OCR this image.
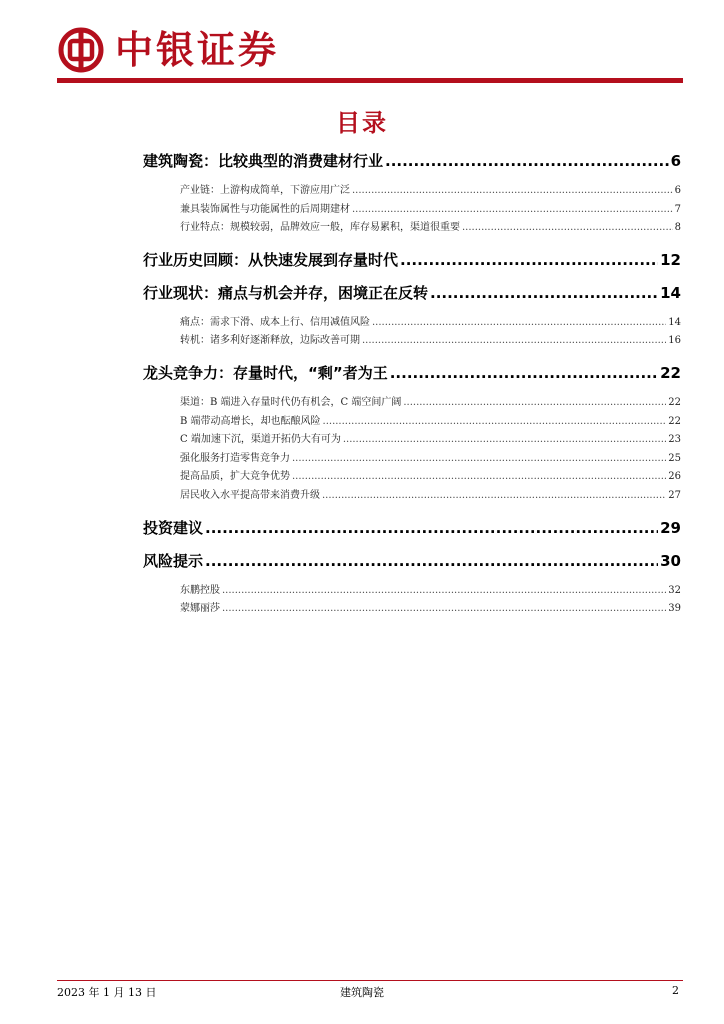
中银证券
目录
建筑陶瓷：比较典型的消费建材行业 .....	6
产业链：上游构成简单，下游应用广泛 .....	6
兼具装饰属性与功能属性的后周期建材 .....	7
行业特点：规模较弱，品牌效应一般，库存易累积，渠道很重要 .....	8
行业历史回顾：从快速发展到存量时代 .....	12
行业现状：痛点与机会并存，困境正在反转 .....	14
痛点：需求下滑、成本上行、信用减值风险 .....	14
转机：诸多利好逐渐释放，边际改善可期 .....	16
龙头竞争力：存量时代，“剩”者为王 .....	22
渠道：B 端进入存量时代仍有机会，C 端空间广阔 .....	22
B 端带动高增长，却也酝酿风险 .....	22
C 端加速下沉，渠道开拓仍大有可为 .....	23
强化服务打造零售竞争力 .....	25
提高品质，扩大竞争优势 .....	26
居民收入水平提高带来消费升级 .....	27
投资建议 .....	29
风险提示 .....	30
东鹏控股 .....	32
蒙娜丽莎 .....	39
2023 年 1 月 13 日	建筑陶瓷	2
